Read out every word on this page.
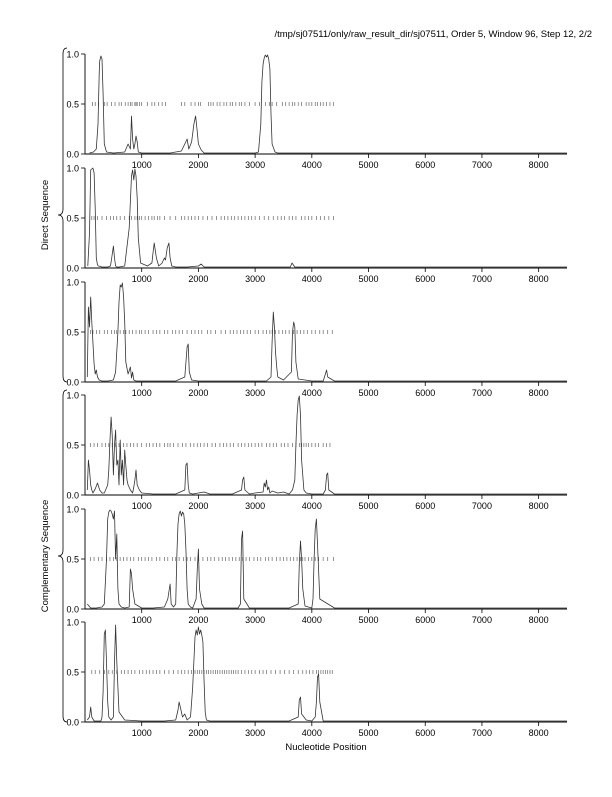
/tmp/sj07511/only/raw_result_dir/sj07511, Order 5, Window 96, Step 12, 2/2
Nucleotide Position
0.0
0.5
1.0
1000	2000	3000	4000	5000	6000	7000	8000
0.0
0.5
1.0
1000	2000	3000	4000	5000	6000	7000	8000
0.0
0.5
1.0
1000	2000	3000	4000	5000	6000	7000	8000
0.0
0.5
1.0
1000	2000	3000	4000	5000	6000	7000	8000
0.0
0.5
1.0
1000	2000	3000	4000	5000	6000	7000	8000
0.0
0.5
1.0
1000	2000	3000	4000	5000	6000	7000	8000
Direct Sequence
Complementary Sequence
